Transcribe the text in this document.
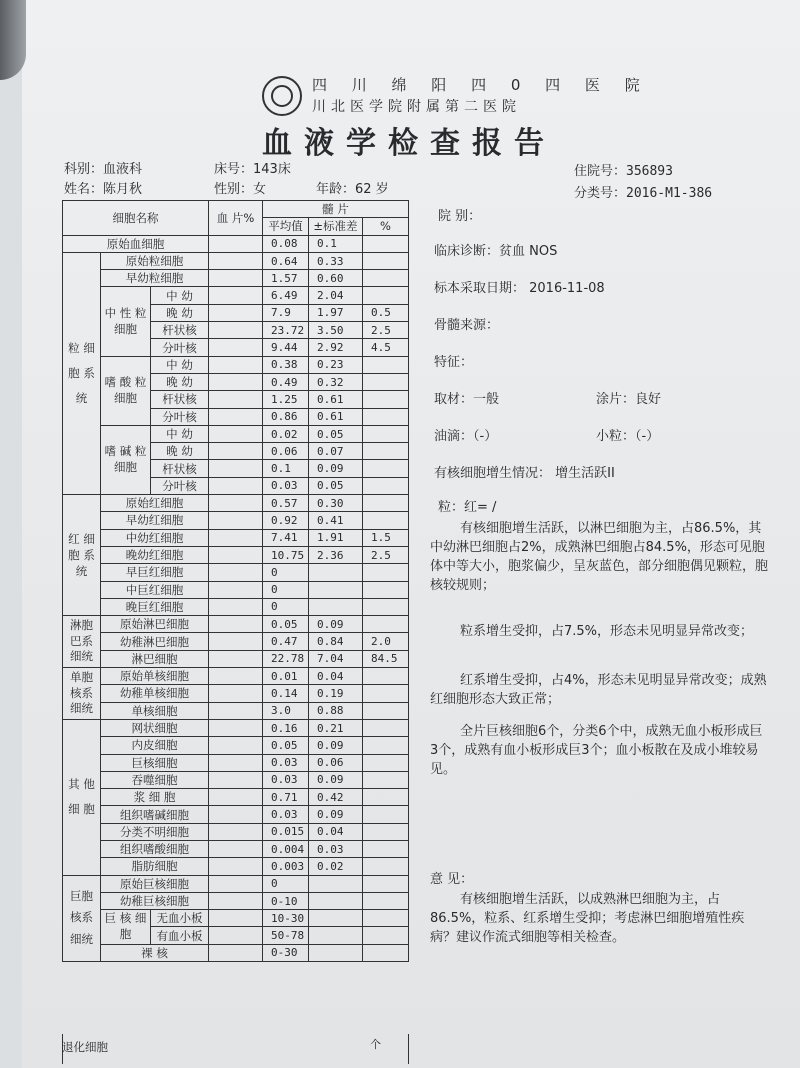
四 川 绵 阳 四 0 四 医 院
川北医学院附属第二医院
血液学检查报告
科别：血液科	床号：143床	住院号：356893
姓名：陈月秋	性别：女	年龄：62 岁	分类号：2016-M1-386
细胞名称			血 片%	髓 片		
				平均值	±标准差	%
原始血细胞				0.08	0.1	
粒 细 胞 系 统	原始粒细胞			0.64	0.33	
	早幼粒细胞			1.57	0.60	
	中 性 粒细胞	中 幼		6.49	2.04	
		晚 幼		7.9	1.97	0.5
		杆状核		23.72	3.50	2.5
		分叶核		9.44	2.92	4.5
	嗜 酸 粒细胞	中 幼		0.38	0.23	
		晚 幼		0.49	0.32	
		杆状核		1.25	0.61	
		分叶核		0.86	0.61	
	嗜 碱 粒细胞	中 幼		0.02	0.05	
		晚 幼		0.06	0.07	
		杆状核		0.1	0.09	
		分叶核		0.03	0.05	
红 细 胞 系 统	原始红细胞			0.57	0.30	
	早幼红细胞			0.92	0.41	
	中幼红细胞			7.41	1.91	1.5
	晚幼红细胞			10.75	2.36	2.5
	早巨红细胞			0		
	中巨红细胞			0		
	晚巨红细胞			0		
淋胞 巴系 细统	原始淋巴细胞			0.05	0.09	
	幼稚淋巴细胞			0.47	0.84	2.0
	淋巴细胞			22.78	7.04	84.5
单胞 核系 细统	原始单核细胞			0.01	0.04	
	幼稚单核细胞			0.14	0.19	
	单核细胞			3.0	0.88	
其 他 细 胞	网状细胞			0.16	0.21	
	内皮细胞			0.05	0.09	
	巨核细胞			0.03	0.06	
	吞噬细胞			0.03	0.09	
	浆 细 胞			0.71	0.42	
	组织嗜碱细胞			0.03	0.09	
	分类不明细胞			0.015	0.04	
	组织嗜酸细胞			0.004	0.03	
	脂肪细胞			0.003	0.02	
巨胞 核系 细统	原始巨核细胞			0		
	幼稚巨核细胞			0-10		
	巨 核 细 胞	无血小板		10-30		
		有血小板		50-78		
	裸 核			0-30		
退化细胞	个
院 别：
临床诊断：贫血 NOS
标本采取日期： 2016-11-08
骨髓来源：
特征：
取材：一般	涂片：良好
油滴：（-）	小粒：（-）
有核细胞增生情况： 增生活跃II
粒：红= /
有核细胞增生活跃，以淋巴细胞为主，占86.5%，其中幼淋巴细胞占2%，成熟淋巴细胞占84.5%，形态可见胞体中等大小，胞浆偏少，呈灰蓝色，部分细胞偶见颗粒，胞核较规则；
粒系增生受抑，占7.5%，形态未见明显异常改变；
红系增生受抑，占4%，形态未见明显异常改变；成熟红细胞形态大致正常；
全片巨核细胞6个，分类6个中，成熟无血小板形成巨3个，成熟有血小板形成巨3个；血小板散在及成小堆较易见。
意 见：
有核细胞增生活跃，以成熟淋巴细胞为主，占86.5%，粒系、红系增生受抑；考虑淋巴细胞增殖性疾病？建议作流式细胞等相关检查。
